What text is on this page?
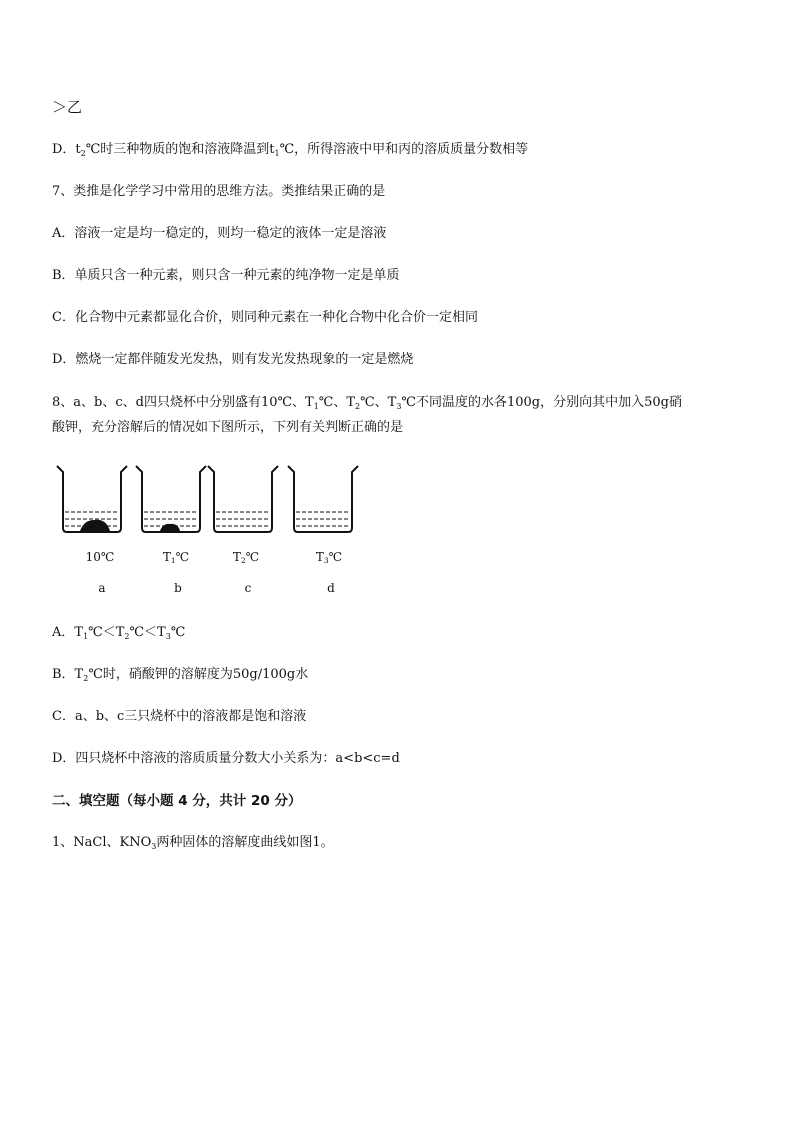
＞乙
D．$t_2℃$时三种物质的饱和溶液降温到$t_1℃$，所得溶液中甲和丙的溶质质量分数相等
7、类推是化学学习中常用的思维方法。类推结果正确的是
A．溶液一定是均一稳定的，则均一稳定的液体一定是溶液
B．单质只含一种元素，则只含一种元素的纯净物一定是单质
C．化合物中元素都显化合价，则同种元素在一种化合物中化合价一定相同
D．燃烧一定都伴随发光发热，则有发光发热现象的一定是燃烧
8、a、b、c、d四只烧杯中分别盛有10℃、$T_1℃$、$T_2℃$、$T_3℃$不同温度的水各100g，分别向其中加入50g硝
酸钾，充分溶解后的情况如下图所示，下列有关判断正确的是
10℃
a
$T_1℃$
b
$T_2℃$
c
$T_3℃$
d
A．$T_1℃<T_2℃<T_3℃$
B．$T_2℃$时，硝酸钾的溶解度为50g/100g水
C．a、b、c三只烧杯中的溶液都是饱和溶液
D．四只烧杯中溶液的溶质质量分数大小关系为：a<b<c=d
二、填空题（每小题 4 分，共计 20 分）
1、NaCl、$KNO_3$两种固体的溶解度曲线如图1。
